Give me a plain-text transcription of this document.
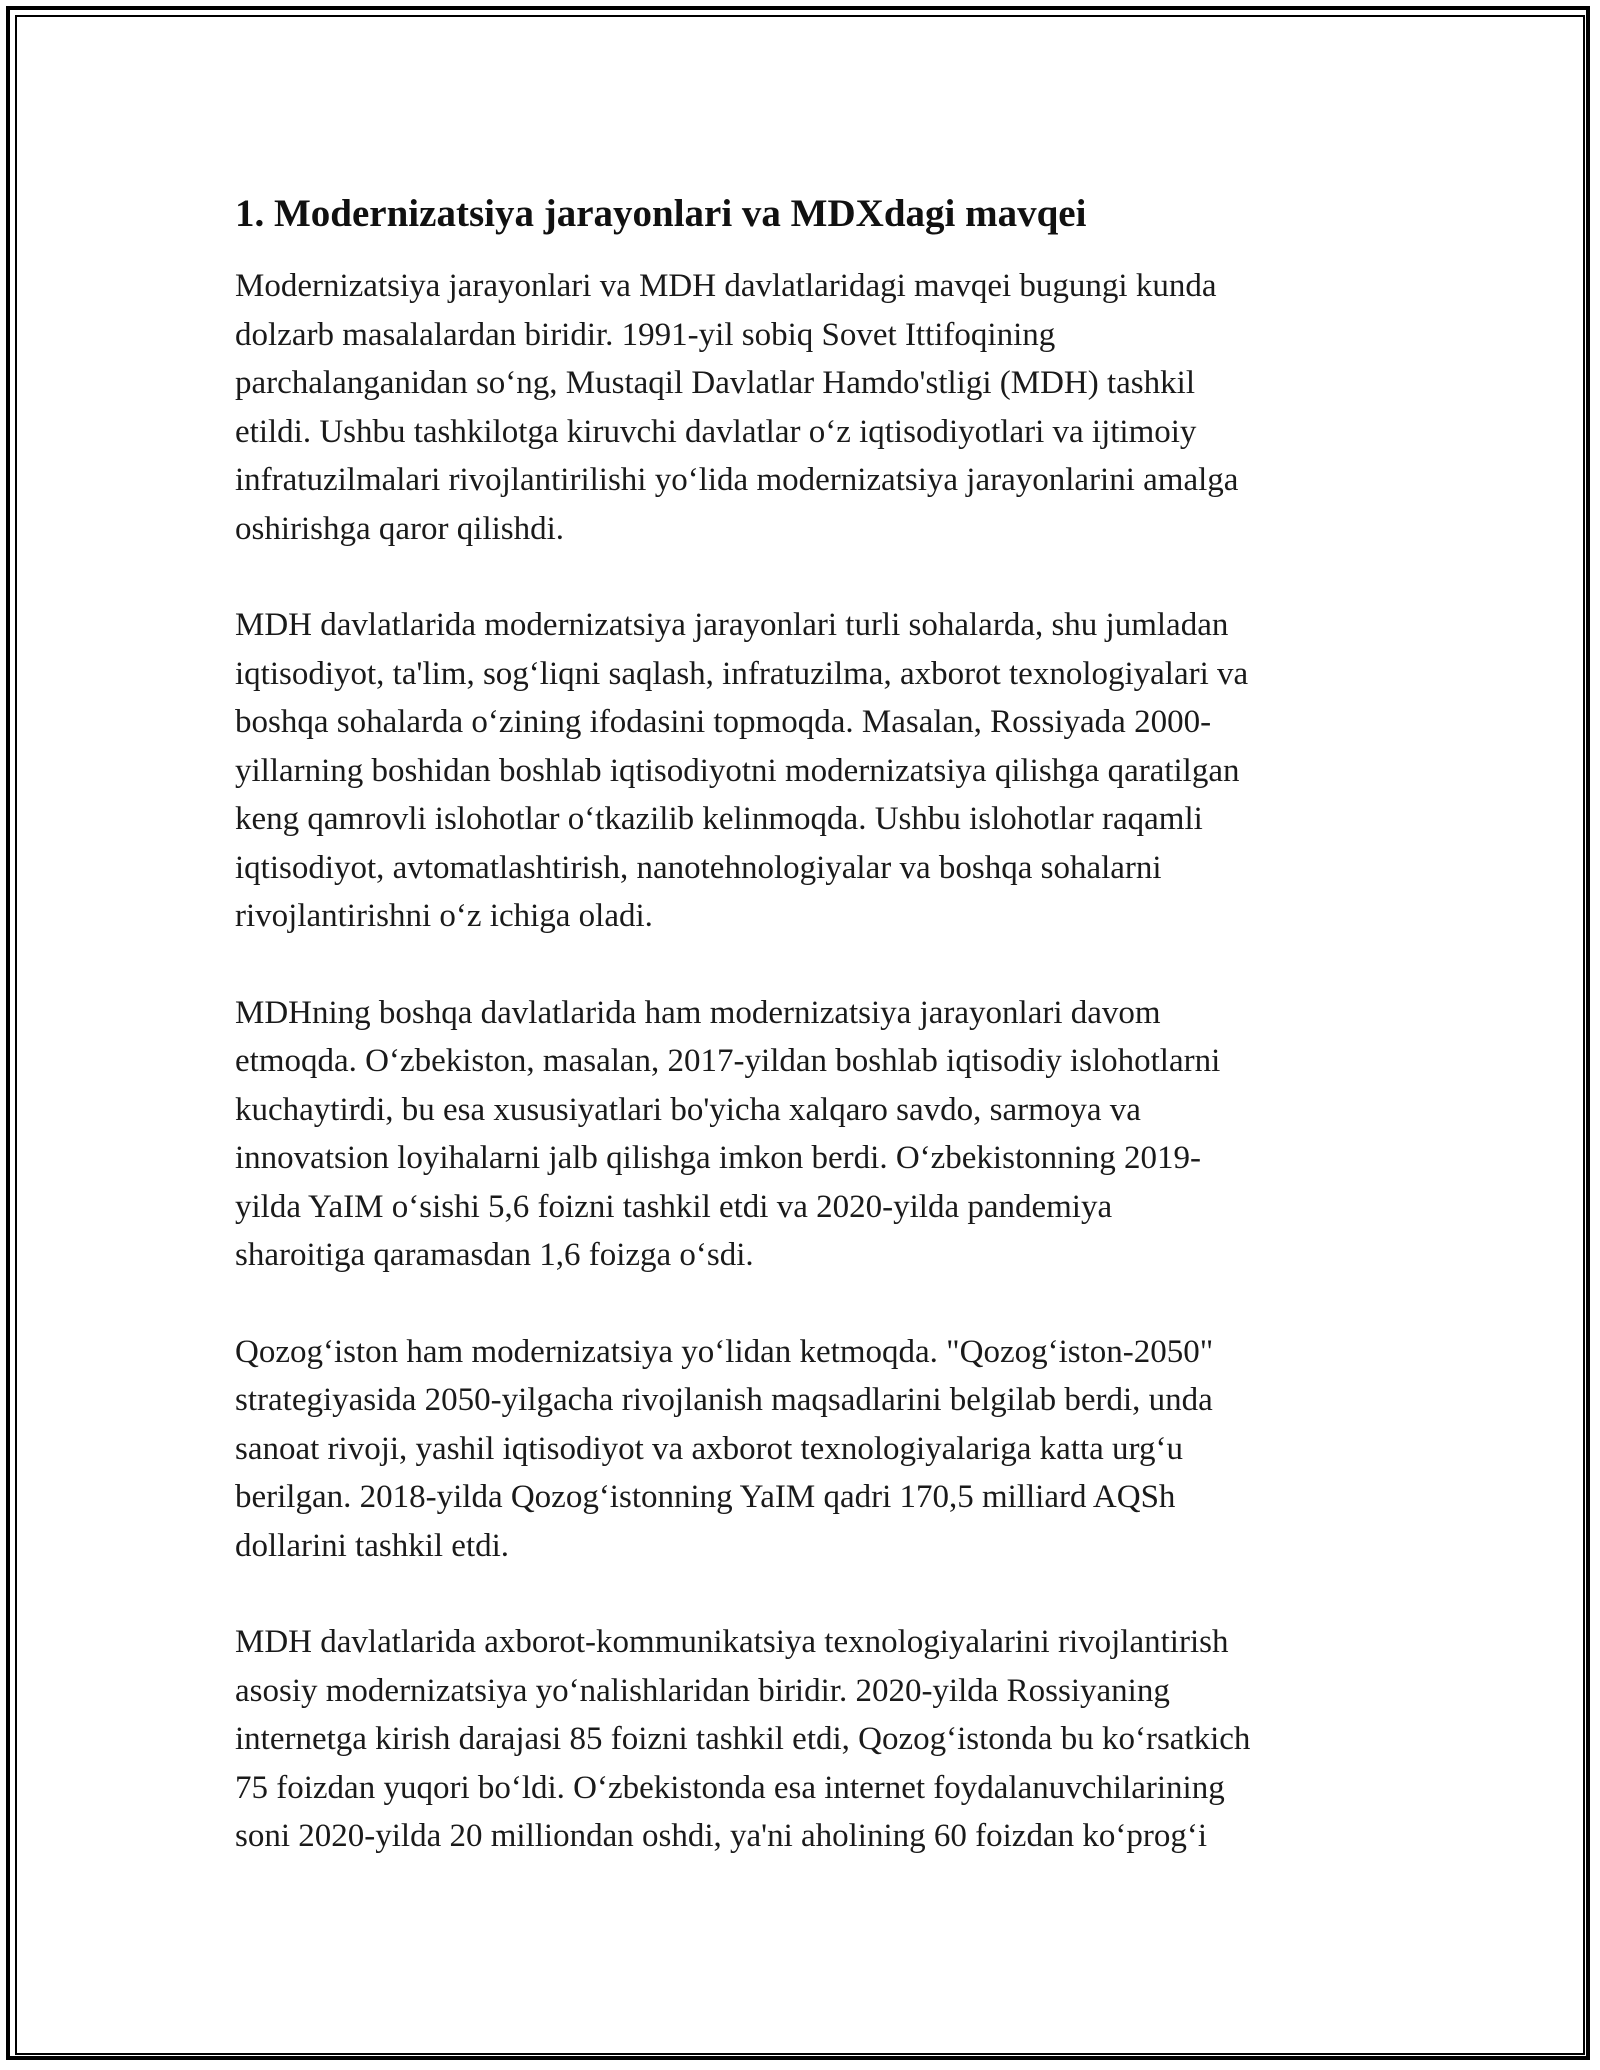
1. Modernizatsiya jarayonlari va MDXdagi mavqei

Modernizatsiya jarayonlari va MDH davlatlaridagi mavqei bugungi kunda
dolzarb masalalardan biridir. 1991-yil sobiq Sovet Ittifoqining
parchalanganidan so‘ng, Mustaqil Davlatlar Hamdo'stligi (MDH) tashkil
etildi. Ushbu tashkilotga kiruvchi davlatlar o‘z iqtisodiyotlari va ijtimoiy
infratuzilmalari rivojlantirilishi yo‘lida modernizatsiya jarayonlarini amalga
oshirishga qaror qilishdi.

MDH davlatlarida modernizatsiya jarayonlari turli sohalarda, shu jumladan
iqtisodiyot, ta'lim, sog‘liqni saqlash, infratuzilma, axborot texnologiyalari va
boshqa sohalarda o‘zining ifodasini topmoqda. Masalan, Rossiyada 2000-
yillarning boshidan boshlab iqtisodiyotni modernizatsiya qilishga qaratilgan
keng qamrovli islohotlar o‘tkazilib kelinmoqda. Ushbu islohotlar raqamli
iqtisodiyot, avtomatlashtirish, nanotehnologiyalar va boshqa sohalarni
rivojlantirishni o‘z ichiga oladi.

MDHning boshqa davlatlarida ham modernizatsiya jarayonlari davom
etmoqda. O‘zbekiston, masalan, 2017-yildan boshlab iqtisodiy islohotlarni
kuchaytirdi, bu esa xususiyatlari bo'yicha xalqaro savdo, sarmoya va
innovatsion loyihalarni jalb qilishga imkon berdi. O‘zbekistonning 2019-
yilda YaIM o‘sishi 5,6 foizni tashkil etdi va 2020-yilda pandemiya
sharoitiga qaramasdan 1,6 foizga o‘sdi.

Qozog‘iston ham modernizatsiya yo‘lidan ketmoqda. "Qozog‘iston-2050"
strategiyasida 2050-yilgacha rivojlanish maqsadlarini belgilab berdi, unda
sanoat rivoji, yashil iqtisodiyot va axborot texnologiyalariga katta urg‘u
berilgan. 2018-yilda Qozog‘istonning YaIM qadri 170,5 milliard AQSh
dollarini tashkil etdi.

MDH davlatlarida axborot-kommunikatsiya texnologiyalarini rivojlantirish
asosiy modernizatsiya yo‘nalishlaridan biridir. 2020-yilda Rossiyaning
internetga kirish darajasi 85 foizni tashkil etdi, Qozog‘istonda bu ko‘rsatkich
75 foizdan yuqori bo‘ldi. O‘zbekistonda esa internet foydalanuvchilarining
soni 2020-yilda 20 milliondan oshdi, ya'ni aholining 60 foizdan ko‘prog‘i
